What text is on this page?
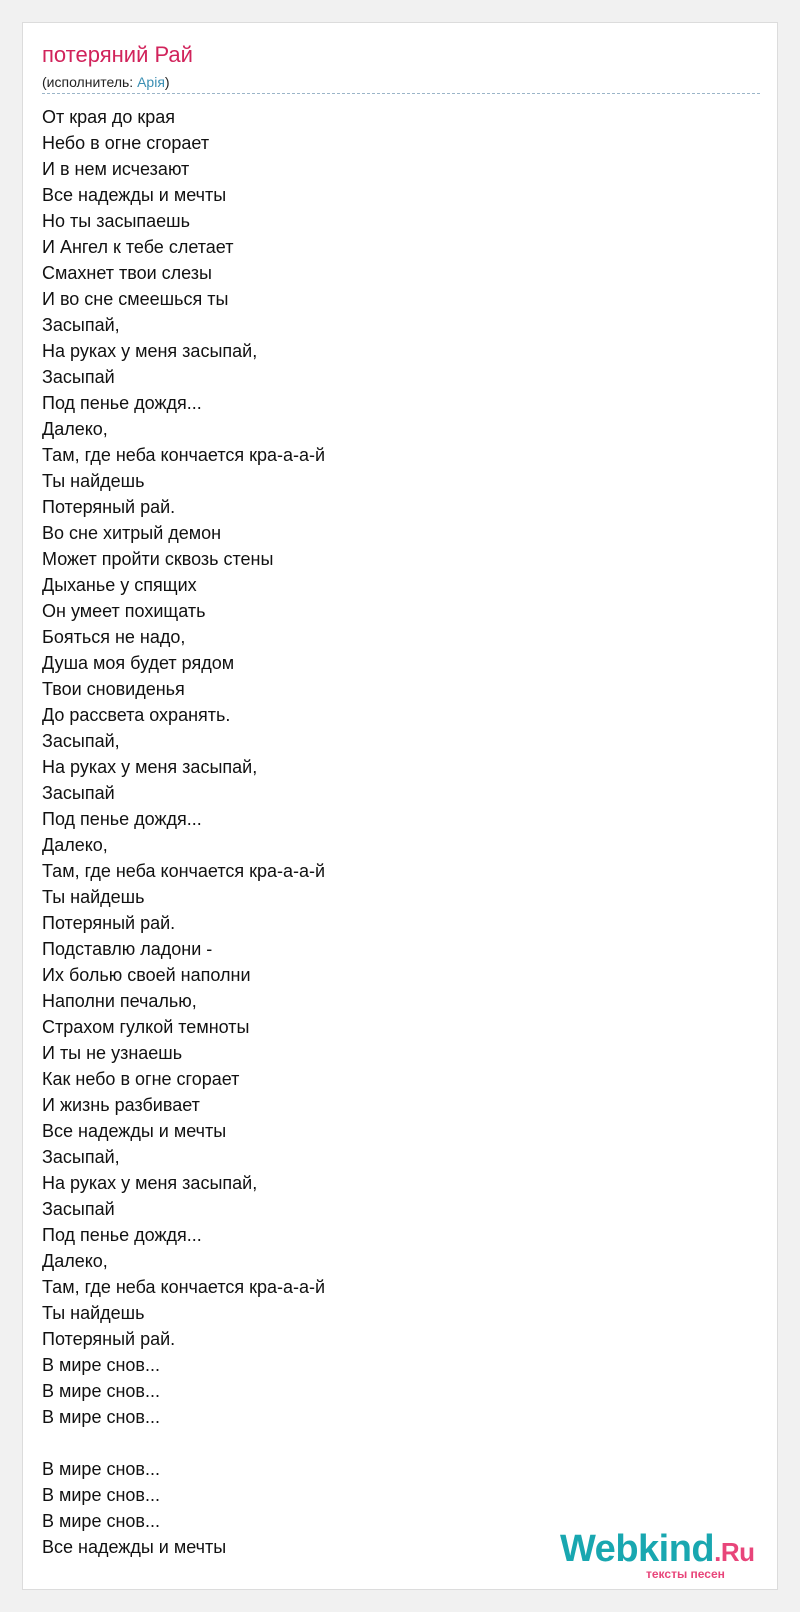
потеряний Рай
(исполнитель: Арiя)
От края до края
Небо в огне сгорает
И в нем исчезают
Все надежды и мечты
Но ты засыпаешь
И Ангел к тебе слетает
Смахнет твои слезы
И во сне смеешься ты
Засыпай,
На руках у меня засыпай,
Засыпай
Под пенье дождя...
Далеко,
Там, где неба кончается кра-а-а-й
Ты найдешь
Потеряный рай.
Во сне хитрый демон
Может пройти сквозь стены
Дыханье у спящих
Он умеет похищать
Бояться не надо,
Душа моя будет рядом
Твои сновиденья
До рассвета охранять.
Засыпай,
На руках у меня засыпай,
Засыпай
Под пенье дождя...
Далеко,
Там, где неба кончается кра-а-а-й
Ты найдешь
Потеряный рай.
Подставлю ладони -
Их болью своей наполни
Наполни печалью,
Страхом гулкой темноты
И ты не узнаешь
Как небо в огне сгорает
И жизнь разбивает
Все надежды и мечты
Засыпай,
На руках у меня засыпай,
Засыпай
Под пенье дождя...
Далеко,
Там, где неба кончается кра-а-а-й
Ты найдешь
Потеряный рай.
В мире снов...
В мире снов...
В мире снов...
В мире снов...
В мире снов...
В мире снов...
Все надежды и мечты	Webkind.Ru
тексты песен
